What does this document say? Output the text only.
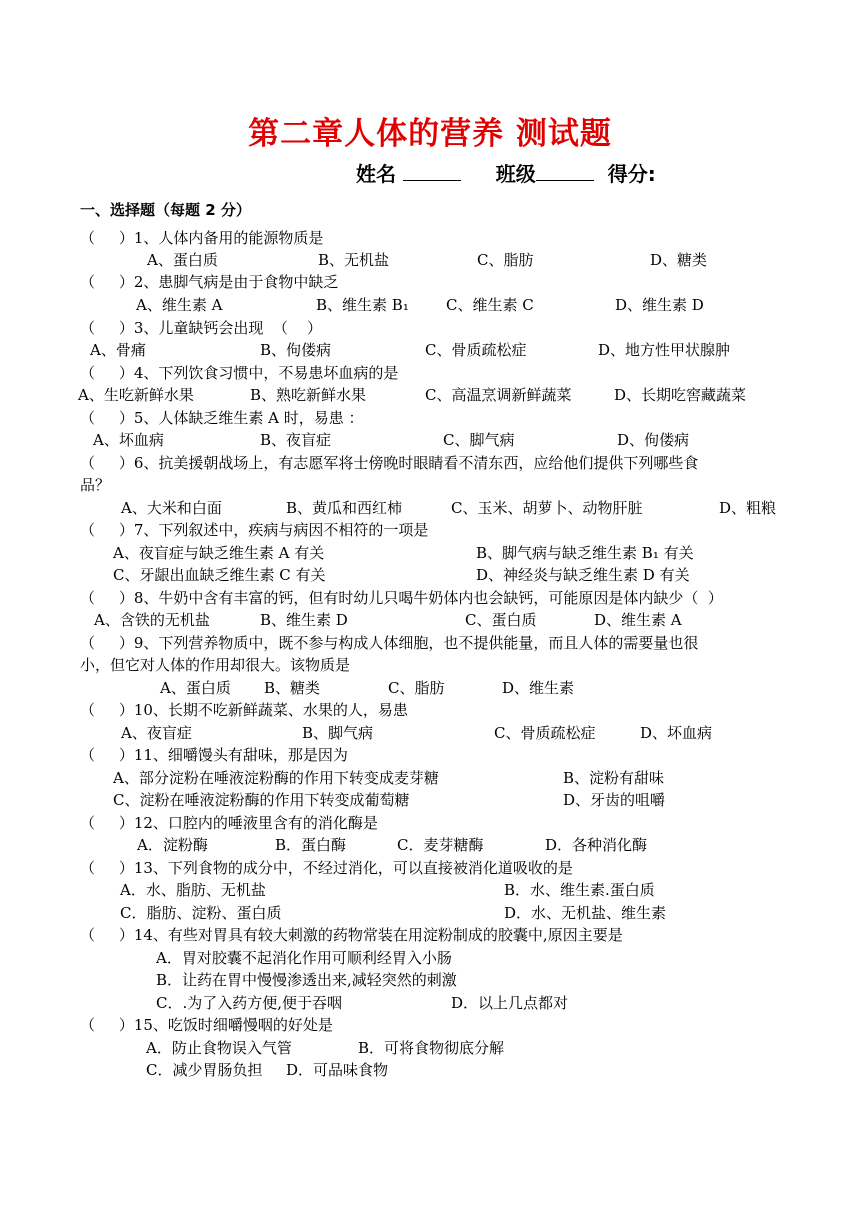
第二章人体的营养 测试题
姓名	班级	得分:
一、选择题（每题 2 分）
（     ）1、人体内备用的能源物质是
A、蛋白质	B、无机盐	C、脂肪	D、糖类
（     ）2、患脚气病是由于食物中缺乏
A、维生素 A	B、维生素 B₁ C、维生素 C	D、维生素 D
（     ）3、儿童缺钙会出现  （    ）
A、骨痛	B、佝偻病	C、骨质疏松症	D、地方性甲状腺肿
（     ）4、下列饮食习惯中，不易患坏血病的是
A、生吃新鲜水果	B、熟吃新鲜水果	C、高温烹调新鲜蔬菜	D、长期吃窖藏蔬菜
（     ）5、人体缺乏维生素 A 时，易患 ：
A、坏血病	B、夜盲症	C、脚气病	D、佝偻病
（     ）6、抗美援朝战场上，有志愿军将士傍晚时眼睛看不清东西，应给他们提供下列哪些食
品？
A、大米和白面	B、黄瓜和西红柿	C、玉米、胡萝卜、动物肝脏	D、粗粮
（     ）7、下列叙述中，疾病与病因不相符的一项是
A、夜盲症与缺乏维生素 A 有关	B、脚气病与缺乏维生素 B₁ 有关
C、牙龈出血缺乏维生素 C 有关	D、神经炎与缺乏维生素 D 有关
（     ）8、牛奶中含有丰富的钙，但有时幼儿只喝牛奶体内也会缺钙，可能原因是体内缺少（  ）
A、含铁的无机盐	B、维生素 D	C、蛋白质	D、维生素 A
（     ）9、下列营养物质中，既不参与构成人体细胞，也不提供能量，而且人体的需要量也很
小，但它对人体的作用却很大。该物质是
A、蛋白质 B、糖类	C、脂肪	D、维生素
（     ）10、长期不吃新鲜蔬菜、水果的人，易患
A、夜盲症	B、脚气病	C、骨质疏松症	D、坏血病
（     ）11、细嚼馒头有甜味，那是因为
A、部分淀粉在唾液淀粉酶的作用下转变成麦芽糖	B、淀粉有甜味
C、淀粉在唾液淀粉酶的作用下转变成葡萄糖	D、牙齿的咀嚼
（     ）12、口腔内的唾液里含有的消化酶是
A．淀粉酶	B．蛋白酶	C．麦芽糖酶	D．各种消化酶
（     ）13、下列食物的成分中，不经过消化，可以直接被消化道吸收的是
A．水、脂肪、无机盐	B．水、维生素.蛋白质
C．脂肪、淀粉、蛋白质	D．水、无机盐、维生素
（     ）14、有些对胃具有较大刺激的药物常装在用淀粉制成的胶囊中,原因主要是
A．胃对胶囊不起消化作用可顺利经胃入小肠
B．让药在胃中慢慢渗透出来,减轻突然的刺激
C．.为了入药方便,便于吞咽	D．以上几点都对
（     ）15、吃饭时细嚼慢咽的好处是
A．防止食物误入气管	B．可将食物彻底分解
C．减少胃肠负担 D．可品味食物
